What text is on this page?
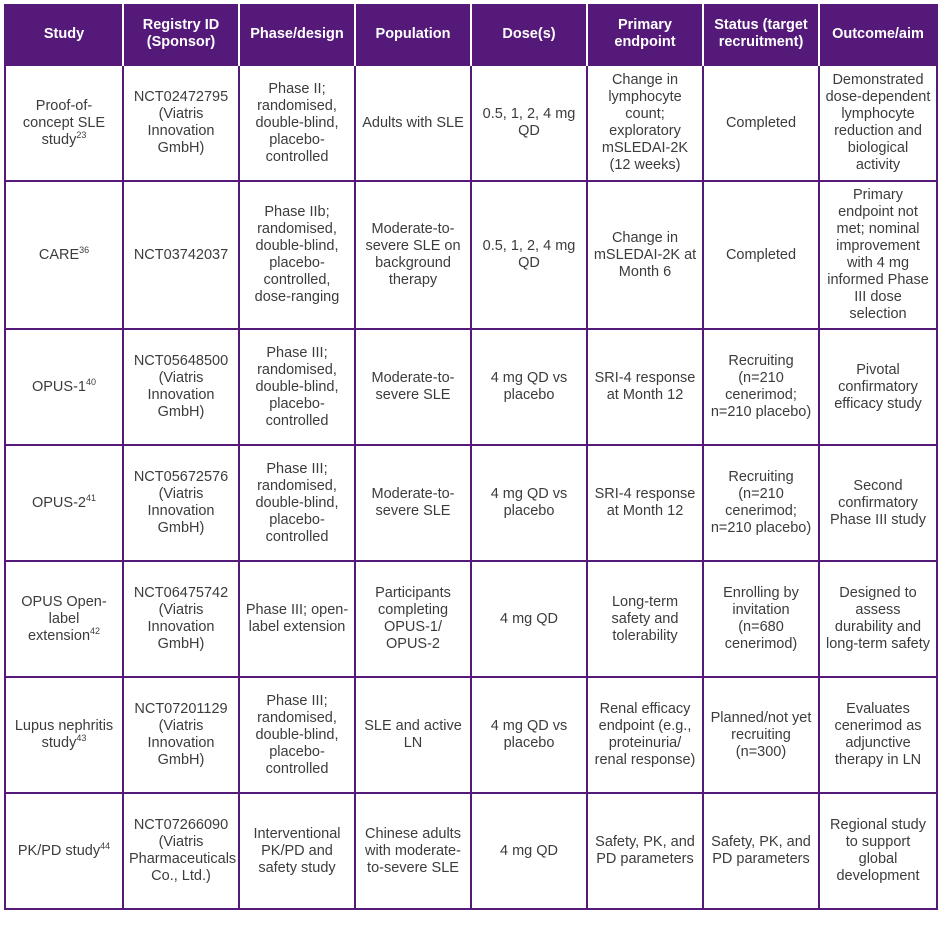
Study	Registry ID (Sponsor)	Phase/design	Population	Dose(s)	Primary endpoint	Status (target recruitment)	Outcome/aim
Proof-of-concept SLE study$^{23}$	NCT02472795 (Viatris Innovation GmbH)	Phase II; randomised, double-blind, placebo-controlled	Adults with SLE	0.5, 1, 2, 4 mg QD	Change in lymphocyte count; exploratory mSLEDAI-2K (12 weeks)	Completed	Demonstrated dose-dependent lymphocyte reduction and biological activity
CARE$^{36}$	NCT03742037	Phase IIb; randomised, double-blind, placebo-controlled, dose-ranging	Moderate-to-severe SLE on background therapy	0.5, 1, 2, 4 mg QD	Change in mSLEDAI-2K at Month 6	Completed	Primary endpoint not met; nominal improvement with 4 mg informed Phase III dose selection
OPUS-$1^{40}$	NCT05648500 (Viatris Innovation GmbH)	Phase III; randomised, double-blind, placebo-controlled	Moderate-to-severe SLE	4 mg QD vs placebo	SRI-4 response at Month 12	Recruiting (n=210 cenerimod; n=210 placebo)	Pivotal confirmatory efficacy study
OPUS-$2^{41}$	NCT05672576 (Viatris Innovation GmbH)	Phase III; randomised, double-blind, placebo-controlled	Moderate-to-severe SLE	4 mg QD vs placebo	SRI-4 response at Month 12	Recruiting (n=210 cenerimod; n=210 placebo)	Second confirmatory Phase III study
OPUS Open-label extension$^{42}$	NCT06475742 (Viatris Innovation GmbH)	Phase III; open-label extension	Participants completing OPUS-1/ OPUS-2	4 mg QD	Long-term safety and tolerability	Enrolling by invitation (n=680 cenerimod)	Designed to assess durability and long-term safety
Lupus nephritis study$^{43}$	NCT07201129 (Viatris Innovation GmbH)	Phase III; randomised, double-blind, placebo-controlled	SLE and active LN	4 mg QD vs placebo	Renal efficacy endpoint (e.g., proteinuria/ renal response)	Planned/not yet recruiting (n=300)	Evaluates cenerimod as adjunctive therapy in LN
PK/PD study$^{44}$	NCT07266090 (Viatris Pharmaceuticals Co., Ltd.)	Interventional PK/PD and safety study	Chinese adults with moderate-to-severe SLE	4 mg QD	Safety, PK, and PD parameters	Safety, PK, and PD parameters	Regional study to support global development
